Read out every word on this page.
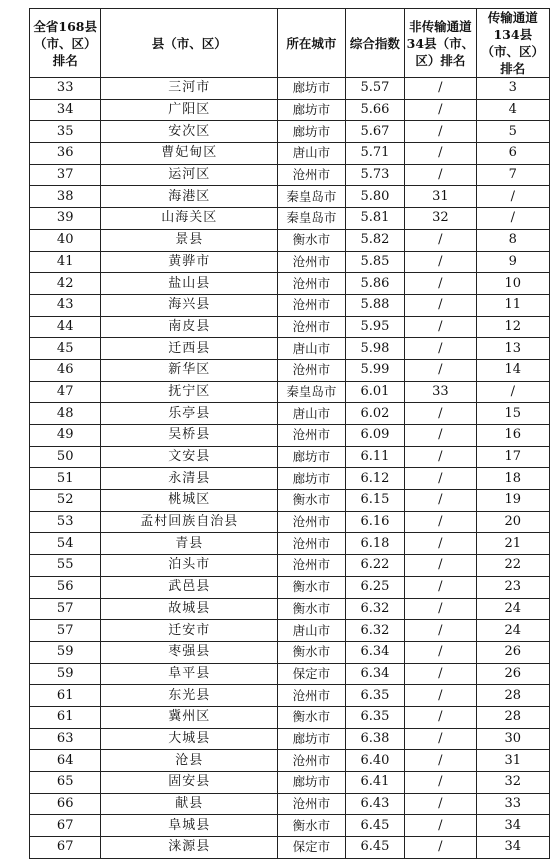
全省168县（市、区）排名	县（市、区）	所在城市	综合指数	非传输通道34县（市、区）排名	传输通道134县（市、区）排名
33	三河市	廊坊市	5.57	/	3
34	广阳区	廊坊市	5.66	/	4
35	安次区	廊坊市	5.67	/	5
36	曹妃甸区	唐山市	5.71	/	6
37	运河区	沧州市	5.73	/	7
38	海港区	秦皇岛市	5.80	31	/
39	山海关区	秦皇岛市	5.81	32	/
40	景县	衡水市	5.82	/	8
41	黄骅市	沧州市	5.85	/	9
42	盐山县	沧州市	5.86	/	10
43	海兴县	沧州市	5.88	/	11
44	南皮县	沧州市	5.95	/	12
45	迁西县	唐山市	5.98	/	13
46	新华区	沧州市	5.99	/	14
47	抚宁区	秦皇岛市	6.01	33	/
48	乐亭县	唐山市	6.02	/	15
49	吴桥县	沧州市	6.09	/	16
50	文安县	廊坊市	6.11	/	17
51	永清县	廊坊市	6.12	/	18
52	桃城区	衡水市	6.15	/	19
53	孟村回族自治县	沧州市	6.16	/	20
54	青县	沧州市	6.18	/	21
55	泊头市	沧州市	6.22	/	22
56	武邑县	衡水市	6.25	/	23
57	故城县	衡水市	6.32	/	24
57	迁安市	唐山市	6.32	/	24
59	枣强县	衡水市	6.34	/	26
59	阜平县	保定市	6.34	/	26
61	东光县	沧州市	6.35	/	28
61	冀州区	衡水市	6.35	/	28
63	大城县	廊坊市	6.38	/	30
64	沧县	沧州市	6.40	/	31
65	固安县	廊坊市	6.41	/	32
66	献县	沧州市	6.43	/	33
67	阜城县	衡水市	6.45	/	34
67	涞源县	保定市	6.45	/	34
